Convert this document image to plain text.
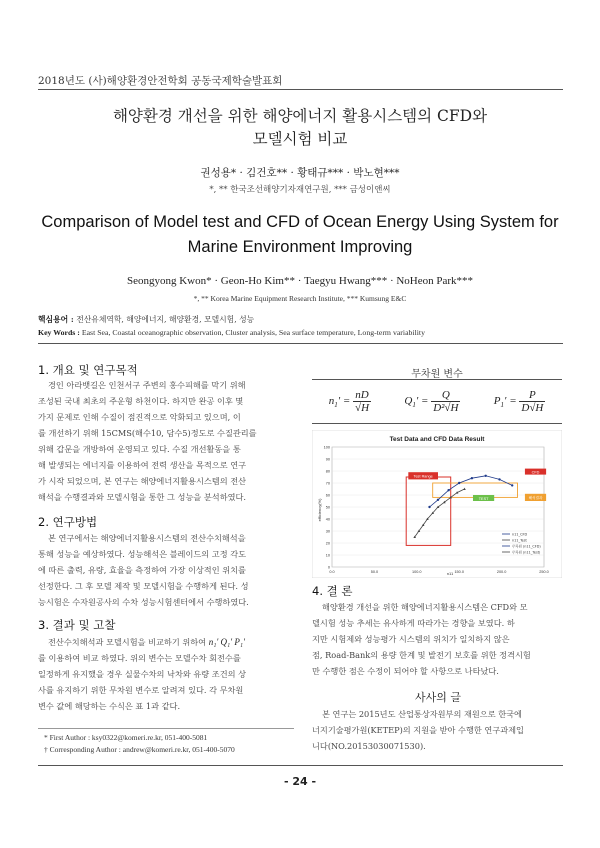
2018년도 (사)해양환경안전학회 공동국제학술발표회
해양환경 개선을 위한 해양에너지 활용시스템의 CFD와
모델시험 비교
권성용* · 김건호** · 황태규*** · 박노현***
*, ** 한국조선해양기자재연구원, *** 금성이앤씨
Comparison of Model test and CFD of Ocean Energy Using System for
Marine Environment Improving
Seongyong Kwon* · Geon-Ho Kim** · Taegyu Hwang*** · NoHeon Park***
*, ** Korea Marine Equipment Research Institute, *** Kumsung E&C
핵심용어 : 전산유체역학, 해양에너지, 해양환경, 모델시험, 성능
Key Words : East Sea, Coastal oceanographic observation, Cluster analysis, Sea surface temperature, Long-term variability
1. 개요 및 연구목적
경인 아라뱃길은 인천서구 주변의 홍수피해를 막기 위해
조성된 국내 최초의 주운형 하천이다. 하지만 완공 이후 몇
가지 문제로 인해 수질이 점진적으로 악화되고 있으며, 이
를 개선하기 위해 15CMS(해수10, 담수5)정도로 수질관리를
위해 갑문을 개방하여 운영되고 있다. 수질 개선활동을 통
해 발생되는 에너지를 이용하여 전력 생산을 목적으로 연구
가 시작 되었으며, 본 연구는 해양에너지활용시스템의 전산
해석을 수행결과와 모델시험을 통한 그 성능을 분석하였다.
2. 연구방법
본 연구에서는 해양에너지활용시스템의 전산수치해석을
통해 성능을 예상하였다. 성능해석은 블레이드의 고정 각도
에 따른 출력, 유량, 효율을 측정하여 가장 이상적인 위치를
선정한다. 그 후 모델 제작 및 모델시험을 수행하게 된다. 성
능시험은 수자원공사의 수차 성능시험센터에서 수행하였다.
3. 결과 및 고찰
전산수치해석과 모델시험을 비교하기 위하여 n₁′ Q₁′ P₁′
를 이용하여 비교 하였다. 위의 변수는 모델수차 회전수를
일정하게 유지했을 경우 실물수차의 낙차와 유량 조건의 상
사를 유지하기 위한 무차원 변수로 알려져 있다. 각 무차원
변수 값에 해당하는 수식은 표 1과 같다.
* First Author : ksy0322@komeri.re.kr, 051-400-5081
† Corresponding Author : andrew@komeri.re.kr, 051-400-5070
무차원 변수
$n_1' = \frac{nD}{√H}$	$Q_1' = \frac{Q}{\text{D²√H}}$	$P_1' = \frac{P}{D√H}$
Test Data and CFD Data Result
0
10
20
30
40
50
60
70
80
90
100
0.0	50.0	100.0	150.0	200.0	250.0
efficiency(%)
n11
Test Range
CFD
TEST	해석결과
n11_CFD
n11_Test
무차원 (n11_CFD)
무차원 (n11_Test)
4. 결 론
해양환경 개선을 위한 해양에너지활용시스템은 CFD와 모
델시험 성능 추세는 유사하게 따라가는 경향을 보였다. 하
지만 시험제와 성능평가 시스템의 위치가 일치하지 않은
점, Road-Bank의 용량 한계 및 발전기 보호를 위한 정격시험
만 수행한 점은 수정이 되어야 할 사항으로 나타났다.
사사의 글
본 연구는 2015년도 산업통상자원부의 재원으로 한국에
너지기술평가원(KETEP)의 지원을 받아 수행한 연구과제입
니다(NO.20153030071530).
- 24 -
